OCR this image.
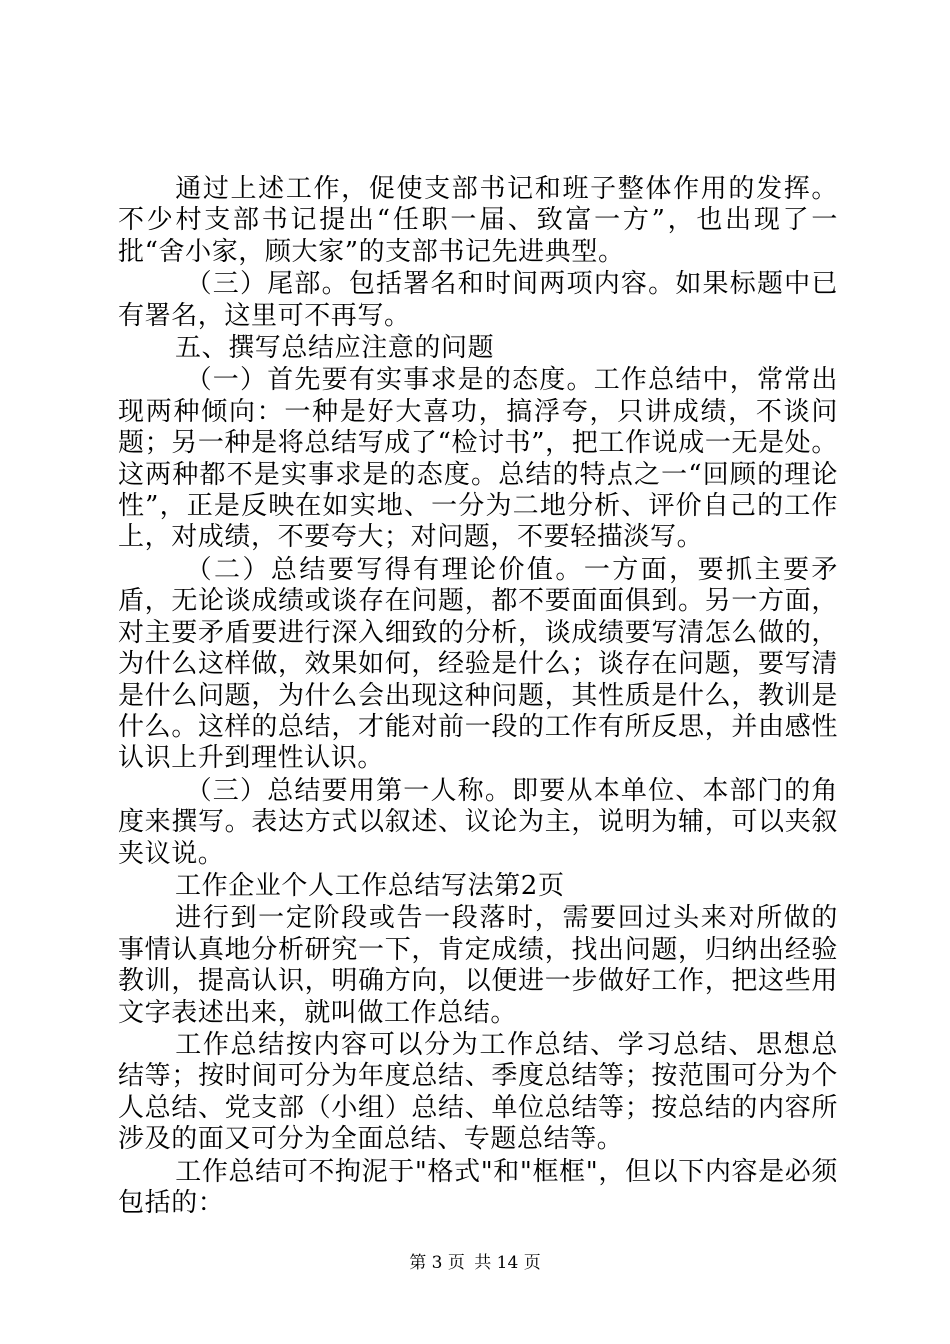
通过上述工作，促使支部书记和班子整体作用的发挥。不少村支部书记提出“任职一届、致富一方”，也出现了一批“舍小家，顾大家”的支部书记先进典型。

（三）尾部。包括署名和时间两项内容。如果标题中已有署名，这里可不再写。

五、撰写总结应注意的问题

（一）首先要有实事求是的态度。工作总结中，常常出现两种倾向：一种是好大喜功，搞浮夸，只讲成绩，不谈问题；另一种是将总结写成了“检讨书”，把工作说成一无是处。这两种都不是实事求是的态度。总结的特点之一“回顾的理论性”，正是反映在如实地、一分为二地分析、评价自己的工作上，对成绩，不要夸大；对问题，不要轻描淡写。

（二）总结要写得有理论价值。一方面，要抓主要矛盾，无论谈成绩或谈存在问题，都不要面面俱到。另一方面，对主要矛盾要进行深入细致的分析，谈成绩要写清怎么做的，为什么这样做，效果如何，经验是什么；谈存在问题，要写清是什么问题，为什么会出现这种问题，其性质是什么，教训是什么。这样的总结，才能对前一段的工作有所反思，并由感性认识上升到理性认识。

（三）总结要用第一人称。即要从本单位、本部门的角度来撰写。表达方式以叙述、议论为主，说明为辅，可以夹叙夹议说。

工作企业个人工作总结写法第2页

进行到一定阶段或告一段落时，需要回过头来对所做的事情认真地分析研究一下，肯定成绩，找出问题，归纳出经验教训，提高认识，明确方向，以便进一步做好工作，把这些用文字表述出来，就叫做工作总结。

工作总结按内容可以分为工作总结、学习总结、思想总结等；按时间可分为年度总结、季度总结等；按范围可分为个人总结、党支部（小组）总结、单位总结等；按总结的内容所涉及的面又可分为全面总结、专题总结等。

工作总结可不拘泥于"格式"和"框框"，但以下内容是必须包括的：

第 3 页 共 14 页
